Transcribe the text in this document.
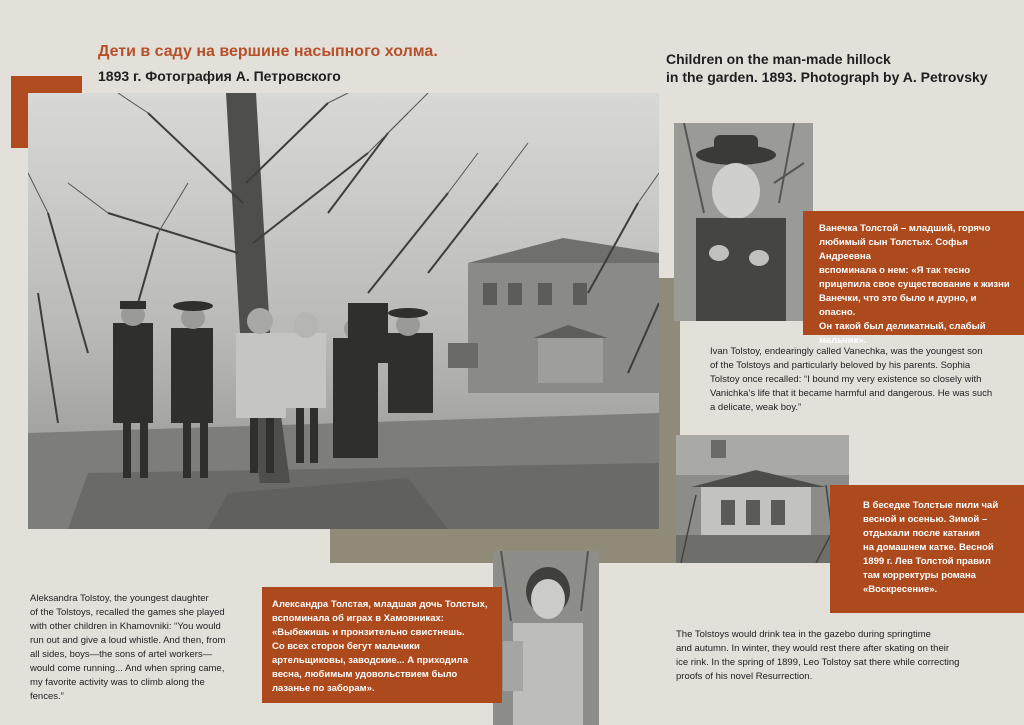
Дети в саду на вершине насыпного холма.
1893 г. Фотография А. Петровского
Children on the man-made hillock
in the garden. 1893. Photograph by A. Petrovsky
Ванечка Толстой – младший, горячо
любимый сын Толстых. Софья Андреевна
вспоминала о нем: «Я так тесно
прицепила свое существование к жизни
Ванечки, что это было и дурно, и опасно.
Он такой был деликатный, слабый
мальчик».
В беседке Толстые пили чай
весной и осенью. Зимой –
отдыхали после катания
на домашнем катке. Весной
1899 г. Лев Толстой правил
там корректуры романа
«Воскресение».
Александра Толстая, младшая дочь Толстых,
вспоминала об играх в Хамовниках:
«Выбежишь и пронзительно свистнешь.
Со всех сторон бегут мальчики
артельщиковы, заводские... А приходила
весна, любимым удовольствием было
лазанье по заборам».
Ivan Tolstoy, endearingly called Vanechka, was the youngest son
of the Tolstoys and particularly beloved by his parents. Sophia
Tolstoy once recalled: “I bound my very existence so closely with
Vanichka’s life that it became harmful and dangerous. He was such
a delicate, weak boy.”
The Tolstoys would drink tea in the gazebo during springtime
and autumn. In winter, they would rest there after skating on their
ice rink. In the spring of 1899, Leo Tolstoy sat there while correcting
proofs of his novel Resurrection.
Aleksandra Tolstoy, the youngest daughter
of the Tolstoys, recalled the games she played
with other children in Khamovniki: “You would
run out and give a loud whistle. And then, from
all sides, boys—the sons of artel workers—
would come running... And when spring came,
my favorite activity was to climb along the
fences.”
